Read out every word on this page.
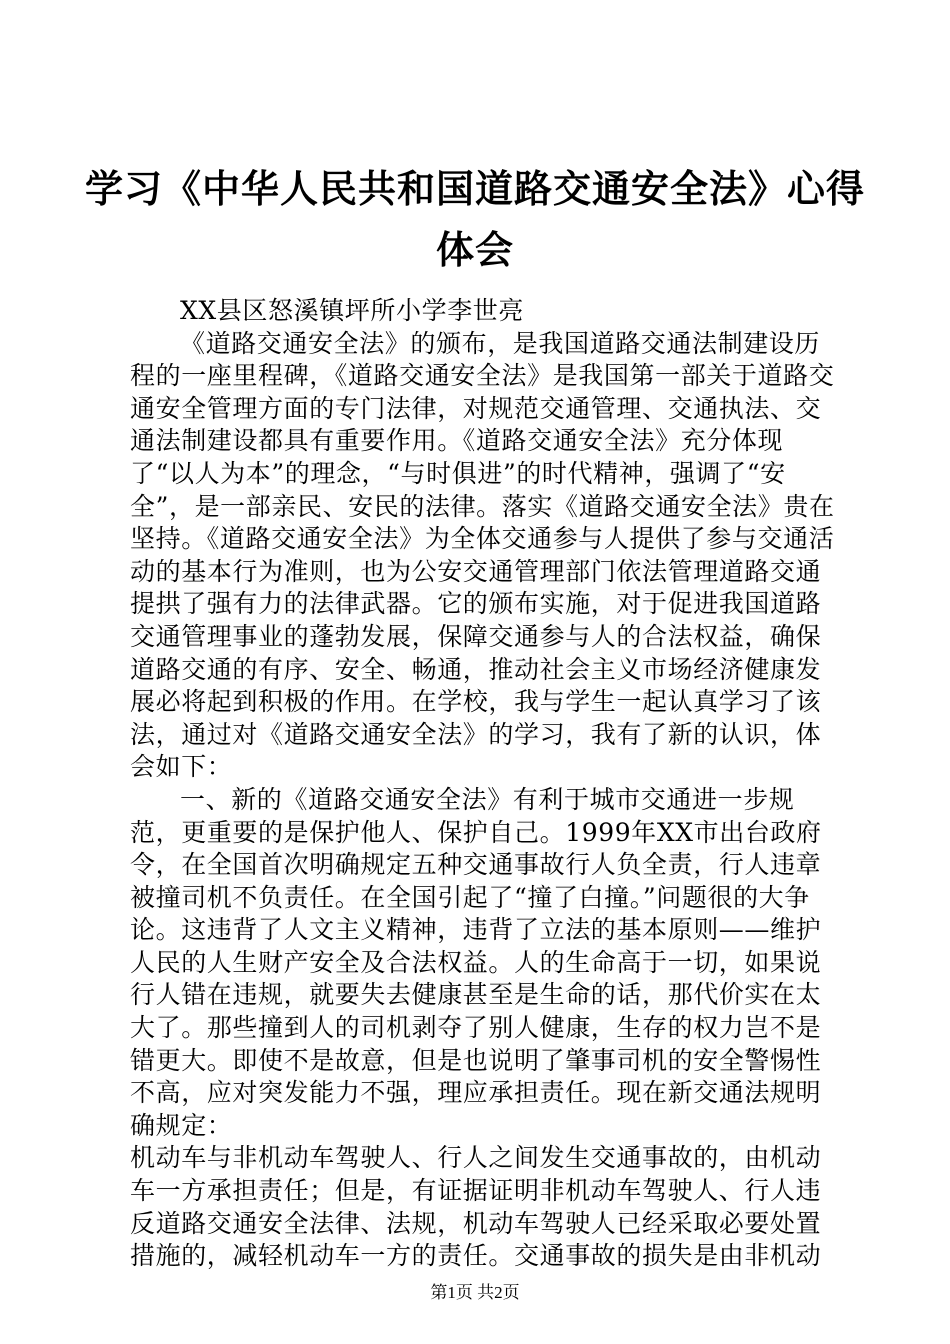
学习《中华人民共和国道路交通安全法》心得
体会

XX县区怒溪镇坪所小学李世亮

《道路交通安全法》的颁布，是我国道路交通法制建设历程的一座里程碑，《道路交通安全法》是我国第一部关于道路交通安全管理方面的专门法律，对规范交通管理、交通执法、交通法制建设都具有重要作用。《道路交通安全法》充分体现了“以人为本”的理念，“与时俱进”的时代精神，强调了“安全”，是一部亲民、安民的法律。落实《道路交通安全法》贵在坚持。《道路交通安全法》为全体交通参与人提供了参与交通活动的基本行为准则，也为公安交通管理部门依法管理道路交通提拱了强有力的法律武器。它的颁布实施，对于促进我国道路交通管理事业的蓬勃发展，保障交通参与人的合法权益，确保道路交通的有序、安全、畅通，推动社会主义市场经济健康发展必将起到积极的作用。在学校，我与学生一起认真学习了该法，通过对《道路交通安全法》的学习，我有了新的认识，体会如下：

一、新的《道路交通安全法》有利于城市交通进一步规范，更重要的是保护他人、保护自己。1999年XX市出台政府令，在全国首次明确规定五种交通事故行人负全责，行人违章被撞司机不负责任。在全国引起了“撞了白撞。”问题很的大争论。这违背了人文主义精神，违背了立法的基本原则——维护人民的人生财产安全及合法权益。人的生命高于一切，如果说行人错在违规，就要失去健康甚至是生命的话，那代价实在太大了。那些撞到人的司机剥夺了别人健康，生存的权力岂不是错更大。即使不是故意，但是也说明了肇事司机的安全警惕性不高，应对突发能力不强，理应承担责任。现在新交通法规明确规定：

机动车与非机动车驾驶人、行人之间发生交通事故的，由机动车一方承担责任；但是，有证据证明非机动车驾驶人、行人违反道路交通安全法律、法规，机动车驾驶人已经采取必要处置措施的，减轻机动车一方的责任。交通事故的损失是由非机动

第1页 共2页
